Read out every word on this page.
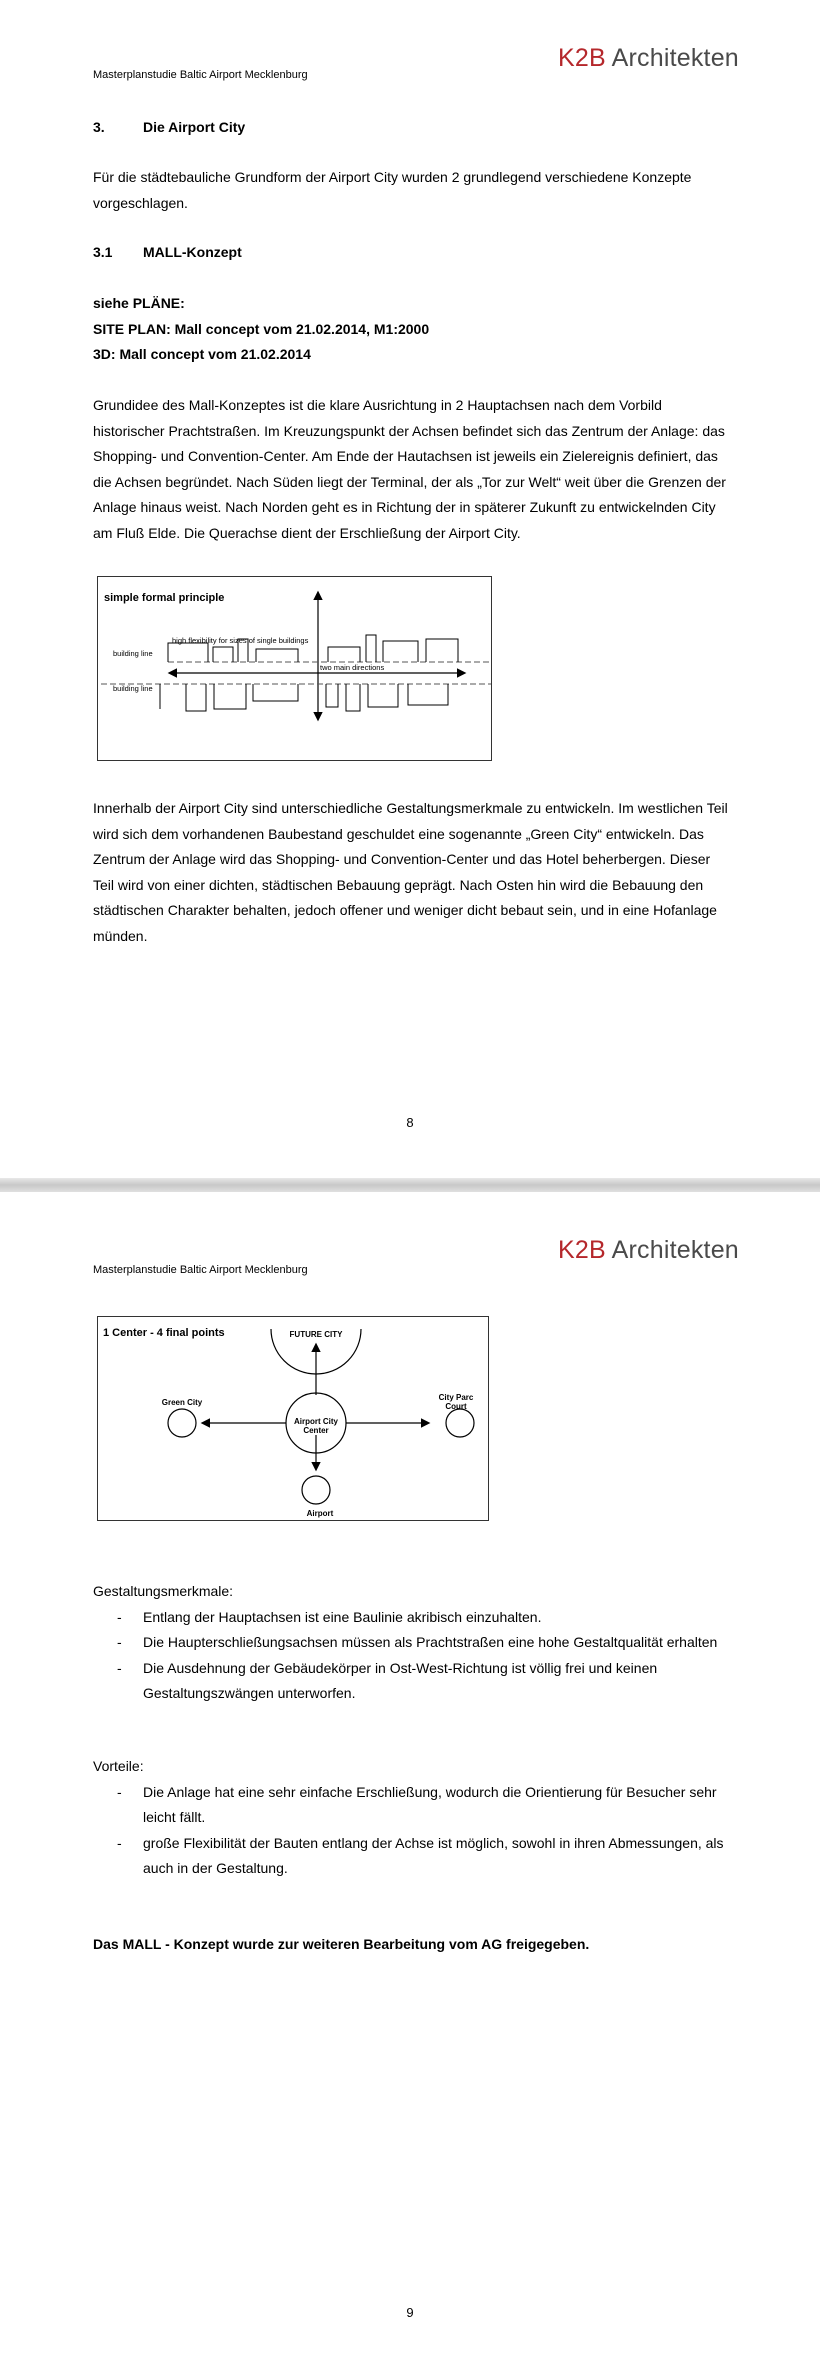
K2B Architekten
Masterplanstudie Baltic Airport Mecklenburg
3.	Die Airport City
Für die städtebauliche Grundform der Airport City wurden 2 grundlegend verschiedene Konzepte vorgeschlagen.
3.1 MALL-Konzept
siehe PLÄNE:
SITE PLAN: Mall concept vom 21.02.2014, M1:2000
3D: Mall concept vom 21.02.2014
Grundidee des Mall-Konzeptes ist die klare Ausrichtung in 2 Hauptachsen nach dem Vorbild historischer Prachtstraßen. Im Kreuzungspunkt der Achsen befindet sich das Zentrum der Anlage: das Shopping- und Convention-Center. Am Ende der Hautachsen ist jeweils ein Zielereignis definiert, das die Achsen begründet. Nach Süden liegt der Terminal, der als „Tor zur Welt“ weit über die Grenzen der Anlage hinaus weist. Nach Norden geht es in Richtung der in späterer Zukunft zu entwickelnden City am Fluß Elde. Die Querachse dient der Erschließung der Airport City.
simple formal principle
high flexibility for sizes of single buildings
two main directions
building line
building line
Innerhalb der Airport City sind unterschiedliche Gestaltungsmerkmale zu entwickeln. Im westlichen Teil wird sich dem vorhandenen Baubestand geschuldet eine sogenannte „Green City“ entwickeln. Das Zentrum der Anlage wird das Shopping- und Convention-Center und das Hotel beherbergen. Dieser Teil wird von einer dichten, städtischen Bebauung geprägt. Nach Osten hin wird die Bebauung den städtischen Charakter behalten, jedoch offener und weniger dicht bebaut sein, und in eine Hofanlage münden.
8
K2B Architekten
Masterplanstudie Baltic Airport Mecklenburg
1 Center - 4 final points	FUTURE CITY
Airport City
Center
Green City
City Parc
Court
Airport
Gestaltungsmerkmale:
- Entlang der Hauptachsen ist eine Baulinie akribisch einzuhalten.
- Die Haupterschließungsachsen müssen als Prachtstraßen eine hohe Gestaltqualität erhalten
- Die Ausdehnung der Gebäudekörper in Ost-West-Richtung ist völlig frei und keinen Gestaltungszwängen unterworfen.
Vorteile:
- Die Anlage hat eine sehr einfache Erschließung, wodurch die Orientierung für Besucher sehr leicht fällt.
- große Flexibilität der Bauten entlang der Achse ist möglich, sowohl in ihren Abmessungen, als auch in der Gestaltung.
Das MALL - Konzept wurde zur weiteren Bearbeitung vom AG freigegeben.
9
